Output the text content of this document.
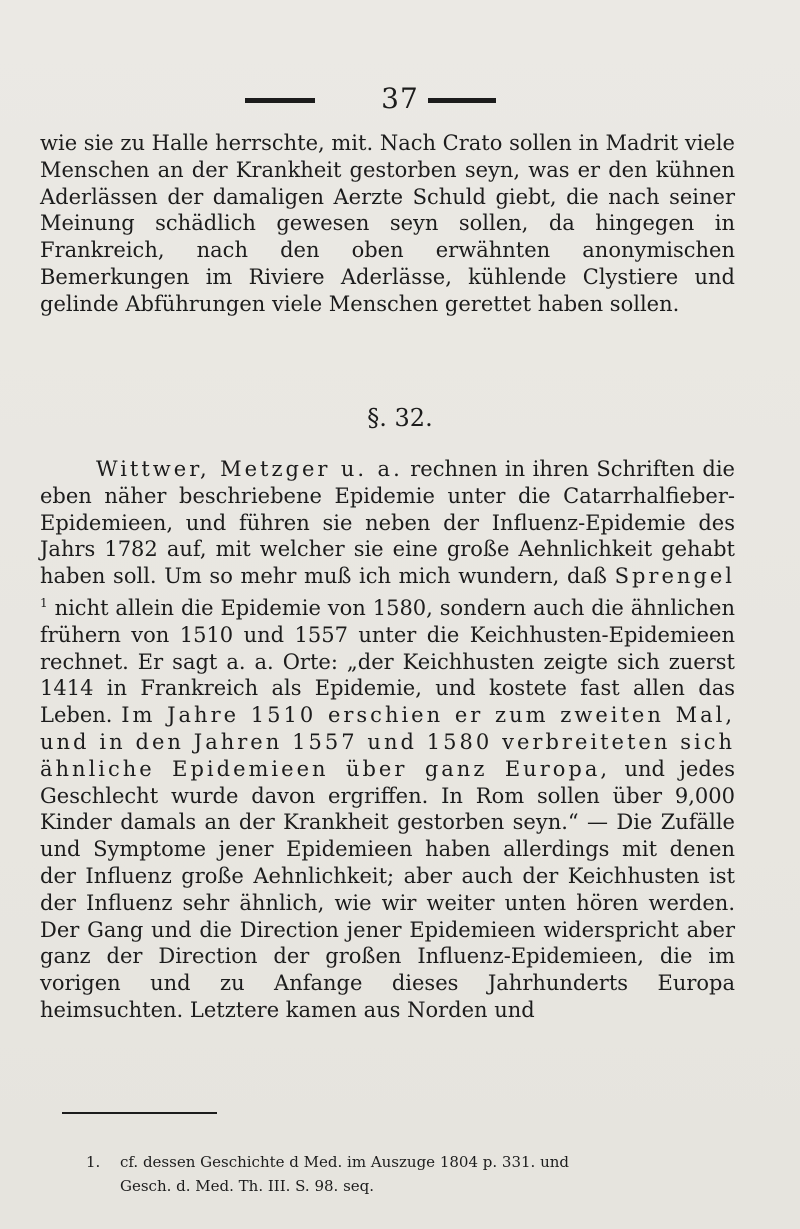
37

wie sie zu Halle herrschte, mit. Nach Crato sollen in Madrit viele Menschen an der Krankheit gestorben seyn, was er den kühnen Aderlässen der damaligen Aerzte Schuld giebt, die nach seiner Meinung schädlich gewesen seyn sollen, da hingegen in Frankreich, nach den oben erwähnten anonymischen Bemerkungen im Riviere Aderlässe, kühlende Clystiere und gelinde Abführungen viele Menschen gerettet haben sollen.

§. 32.

Wittwer, Metzger u. a. rechnen in ihren Schriften die eben näher beschriebene Epidemie unter die Catarrhalfieber-Epidemieen, und führen sie neben der Influenz-Epidemie des Jahrs 1782 auf, mit welcher sie eine große Aehnlichkeit gehabt haben soll. Um so mehr muß ich mich wundern, daß Sprengel $^1$ nicht allein die Epidemie von 1580, sondern auch die ähnlichen frühern von 1510 und 1557 unter die Keichhusten-Epidemieen rechnet. Er sagt a. a. Orte: „der Keichhusten zeigte sich zuerst 1414 in Frankreich als Epidemie, und kostete fast allen das Leben. Im Jahre 1510 erschien er zum zweiten Mal, und in den Jahren 1557 und 1580 verbreiteten sich ähnliche Epidemieen über ganz Europa, und jedes Geschlecht wurde davon ergriffen. In Rom sollen über 9,000 Kinder damals an der Krankheit gestorben seyn.“ — Die Zufälle und Symptome jener Epidemieen haben allerdings mit denen der Influenz große Aehnlichkeit; aber auch der Keichhusten ist der Influenz sehr ähnlich, wie wir weiter unten hören werden. Der Gang und die Direction jener Epidemieen widerspricht aber ganz der Direction der großen Influenz-Epidemieen, die im vorigen und zu Anfange dieses Jahrhunderts Europa heimsuchten. Letztere kamen aus Norden und

1. cf. dessen Geschichte d Med. im Auszuge 1804 p. 331. und

Gesch. d. Med. Th. III. S. 98. seq.
